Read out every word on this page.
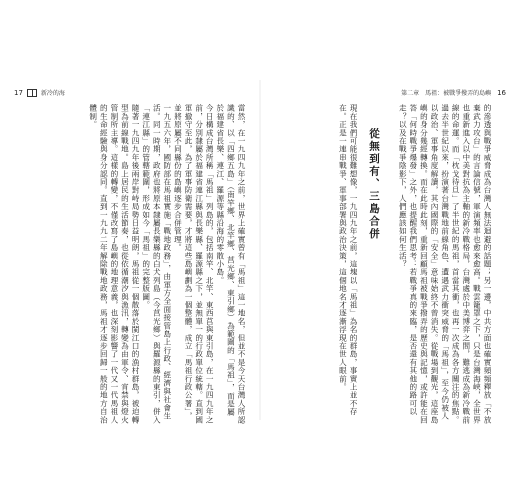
17	新冷的海	第二章　馬祖：被戰爭撥弄的島嶼 16

的滲透與戰爭威脅成為台灣人無法迴避的話題；另一邊，中共方面也確實頻頻釋放「不放棄武力攻台」的言論信號，軍演頻率也愈來愈高。戰雲籠罩之下，只是台灣海峽，全世界也重新進入以中美對抗為主軸的新冷戰格局，台灣處於中美博弈之間，難逃成為新冷戰前線的命運。而「枕戈待旦」了半世紀的馬祖，首當其衝，也再一次成為各方關注的焦點。過去半世紀以來，扮演著台灣戰地前線角色、遭遇武力衝突威脅的「馬祖」，至今仍被人以政治、軍事角度解讀，其內國際的「安全」意味始終不曾消失。從戰場到觀光，這座島嶼的身分幾經轉換。而在此時此刻，重新回顧馬祖被戰爭撥弄的歷史與記憶，或許能在回答「何時戰爭爆發」之外，也提醒我們思考：若戰爭真的來臨，是否還有其他的路可以走？以及在戰爭陰影下，人們應該如何生活？

從無到有、三島合併

現在我們可能很難想像，一九四九年之前，這塊以「馬祖」為名的群島，事實上並不存在。正是一連串戰爭、軍事部署與政治決策，這個地名才逐漸浮現在世人眼前。

當然，在一九四九年之前，世界上確實曾有「馬祖」這一地名，但並不是今天台灣人所認識的、以「四鄉五島」（南竿鄉、北竿鄉、莒光鄉、東引鄉）為範圍的「馬祖」，而是屬於福建省長樂、連江、羅源等縣沿海的零散小島。
今日構成台灣所稱「馬祖」列島的，包括南竿、北竿、東西莒與東引島，在一九四九年之前，分別隸屬於福建省連江縣與長樂縣、羅源縣之下，並無單一的行政單位統轄。直到國軍撤守至此，為了軍事防衛需要，才將這些島嶼劃為一個整體，成立「馬祖行政公署」，並將原屬不同縣份的島嶼逐步合併管理。
一九五六年，國防部在馬祖實施「戰地政務」，由軍方全面接管島上行政、經濟與社會生活。同一時期，政府也將原本隸屬長樂縣的白犬列島（今莒光鄉）與羅源縣的東引，併入「連江縣」的管轄範圍，形成如今「馬祖」的完整版圖。
隨著一九四九年後兩岸對峙局勢日益明朗，馬祖從一個散落於閩江口的漁村群島，被迫轉型為前線戰地。島上居民的生活節奏，也從依循潮汐與漁汛，轉變為由軍令、宵禁與燈火管制所主導。這樣的轉變，不僅改寫了島嶼的地理意義，也深刻影響了一代又一代馬祖人的生命經驗與身分認同。直到一九九二年解除戰地政務，馬祖才逐步回歸一般的地方自治體制。
